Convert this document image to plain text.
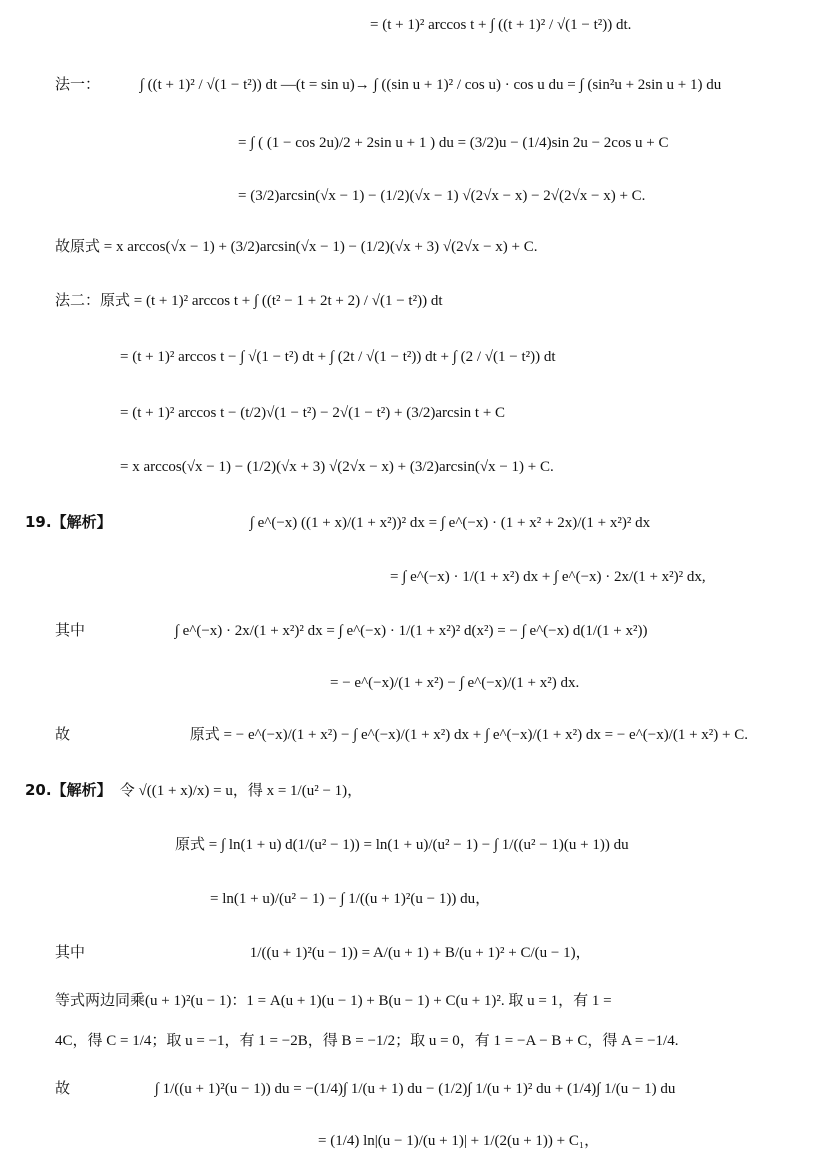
= (t + 1)² arccos t + ∫ ((t + 1)² / √(1 − t²)) dt.
法一：	∫ ((t + 1)² / √(1 − t²)) dt —(t = sin u)→ ∫ ((sin u + 1)² / cos u) · cos u du = ∫ (sin²u + 2sin u + 1) du
= ∫ ( (1 − cos 2u)/2 + 2sin u + 1 ) du = (3/2)u − (1/4)sin 2u − 2cos u + C
= (3/2)arcsin(√x − 1) − (1/2)(√x − 1) √(2√x − x) − 2√(2√x − x) + C.
故原式 = x arccos(√x − 1) + (3/2)arcsin(√x − 1) − (1/2)(√x + 3) √(2√x − x) + C.
法二：原式 = (t + 1)² arccos t + ∫ ((t² − 1 + 2t + 2) / √(1 − t²)) dt
= (t + 1)² arccos t − ∫ √(1 − t²) dt + ∫ (2t / √(1 − t²)) dt + ∫ (2 / √(1 − t²)) dt
= (t + 1)² arccos t − (t/2)√(1 − t²) − 2√(1 − t²) + (3/2)arcsin t + C
= x arccos(√x − 1) − (1/2)(√x + 3) √(2√x − x) + (3/2)arcsin(√x − 1) + C.
19.【解析】	∫ e^(−x) ((1 + x)/(1 + x²))² dx = ∫ e^(−x) · (1 + x² + 2x)/(1 + x²)² dx
= ∫ e^(−x) · 1/(1 + x²) dx + ∫ e^(−x) · 2x/(1 + x²)² dx,
其中	∫ e^(−x) · 2x/(1 + x²)² dx = ∫ e^(−x) · 1/(1 + x²)² d(x²) = − ∫ e^(−x) d(1/(1 + x²))
= − e^(−x)/(1 + x²) − ∫ e^(−x)/(1 + x²) dx.
故	原式 = − e^(−x)/(1 + x²) − ∫ e^(−x)/(1 + x²) dx + ∫ e^(−x)/(1 + x²) dx = − e^(−x)/(1 + x²) + C.
20.【解析】 令 √((1 + x)/x) = u，得 x = 1/(u² − 1)，
原式 = ∫ ln(1 + u) d(1/(u² − 1)) = ln(1 + u)/(u² − 1) − ∫ 1/((u² − 1)(u + 1)) du
= ln(1 + u)/(u² − 1) − ∫ 1/((u + 1)²(u − 1)) du，
其中	1/((u + 1)²(u − 1)) = A/(u + 1) + B/(u + 1)² + C/(u − 1)，
等式两边同乘(u + 1)²(u − 1)：1 = A(u + 1)(u − 1) + B(u − 1) + C(u + 1)². 取 u = 1，有 1 =
4C，得 C = 1/4；取 u = −1，有 1 = −2B，得 B = −1/2；取 u = 0，有 1 = −A − B + C，得 A = −1/4.
故	∫ 1/((u + 1)²(u − 1)) du = −(1/4)∫ 1/(u + 1) du − (1/2)∫ 1/(u + 1)² du + (1/4)∫ 1/(u − 1) du
= (1/4) ln|(u − 1)/(u + 1)| + 1/(2(u + 1)) + C₁，
